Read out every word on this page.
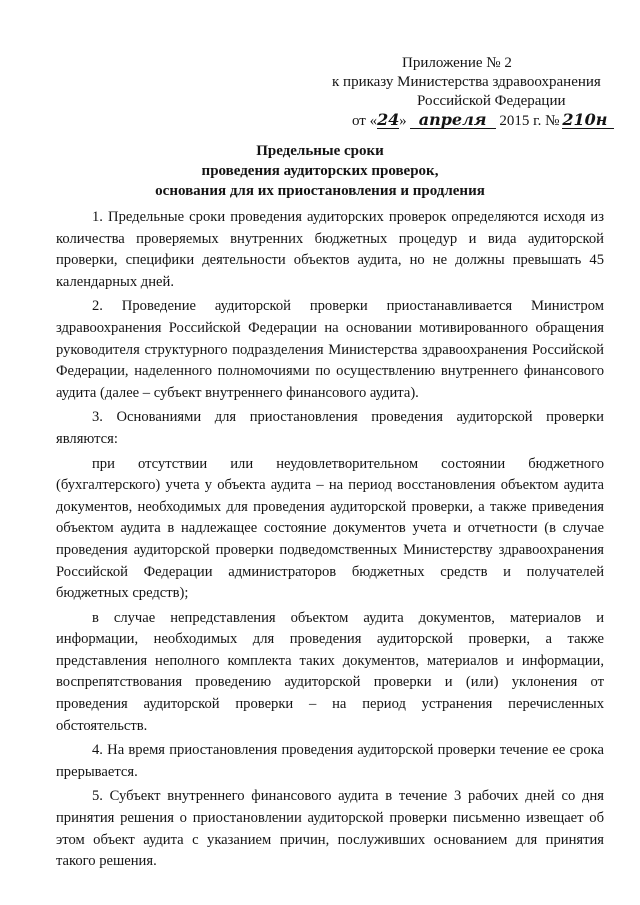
Приложение № 2
к приказу Министерства здравоохранения
Российской Федерации
от «24» апреля 2015 г. № 210н
Предельные сроки
проведения аудиторских проверок,
основания для их приостановления и продления

1. Предельные сроки проведения аудиторских проверок определяются исходя из количества проверяемых внутренних бюджетных процедур и вида аудиторской проверки, специфики деятельности объектов аудита, но не должны превышать 45 календарных дней.

2. Проведение аудиторской проверки приостанавливается Министром здравоохранения Российской Федерации на основании мотивированного обращения руководителя структурного подразделения Министерства здравоохранения Российской Федерации, наделенного полномочиями по осуществлению внутреннего финансового аудита (далее – субъект внутреннего финансового аудита).

3. Основаниями для приостановления проведения аудиторской проверки являются:

при отсутствии или неудовлетворительном состоянии бюджетного (бухгалтерского) учета у объекта аудита – на период восстановления объектом аудита документов, необходимых для проведения аудиторской проверки, а также приведения объектом аудита в надлежащее состояние документов учета и отчетности (в случае проведения аудиторской проверки подведомственных Министерству здравоохранения Российской Федерации администраторов бюджетных средств и получателей бюджетных средств);

в случае непредставления объектом аудита документов, материалов и информации, необходимых для проведения аудиторской проверки, а также представления неполного комплекта таких документов, материалов и информации, воспрепятствования проведению аудиторской проверки и (или) уклонения от проведения аудиторской проверки – на период устранения перечисленных обстоятельств.

4. На время приостановления проведения аудиторской проверки течение ее срока прерывается.

5. Субъект внутреннего финансового аудита в течение 3 рабочих дней со дня принятия решения о приостановлении аудиторской проверки письменно извещает об этом объект аудита с указанием причин, послуживших основанием для принятия такого решения.
